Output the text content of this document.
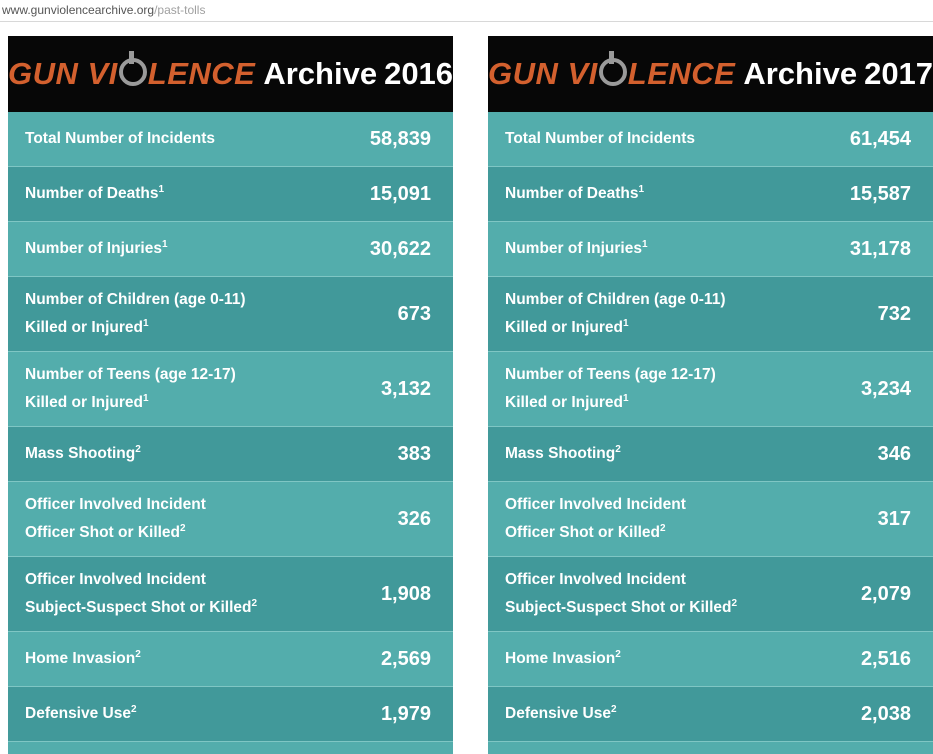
www.gunviolencearchive.org/past-tolls
GUN VI LENCE Archive 2016
Total Number of Incidents	58,839
Number of Deaths$^1$	15,091
Number of Injuries$^1$	30,622
Number of Children (age 0-11)
Killed or Injured$^1$	673
Number of Teens (age 12-17)
Killed or Injured$^1$	3,132
Mass Shooting$^2$	383
Officer Involved Incident
Officer Shot or Killed$^2$	326
Officer Involved Incident
Subject-Suspect Shot or Killed$^2$	1,908
Home Invasion$^2$	2,569
Defensive Use$^2$	1,979
GUN VI LENCE Archive 2017
Total Number of Incidents	61,454
Number of Deaths$^1$	15,587
Number of Injuries$^1$	31,178
Number of Children (age 0-11)
Killed or Injured$^1$	732
Number of Teens (age 12-17)
Killed or Injured$^1$	3,234
Mass Shooting$^2$	346
Officer Involved Incident
Officer Shot or Killed$^2$	317
Officer Involved Incident
Subject-Suspect Shot or Killed$^2$	2,079
Home Invasion$^2$	2,516
Defensive Use$^2$	2,038
